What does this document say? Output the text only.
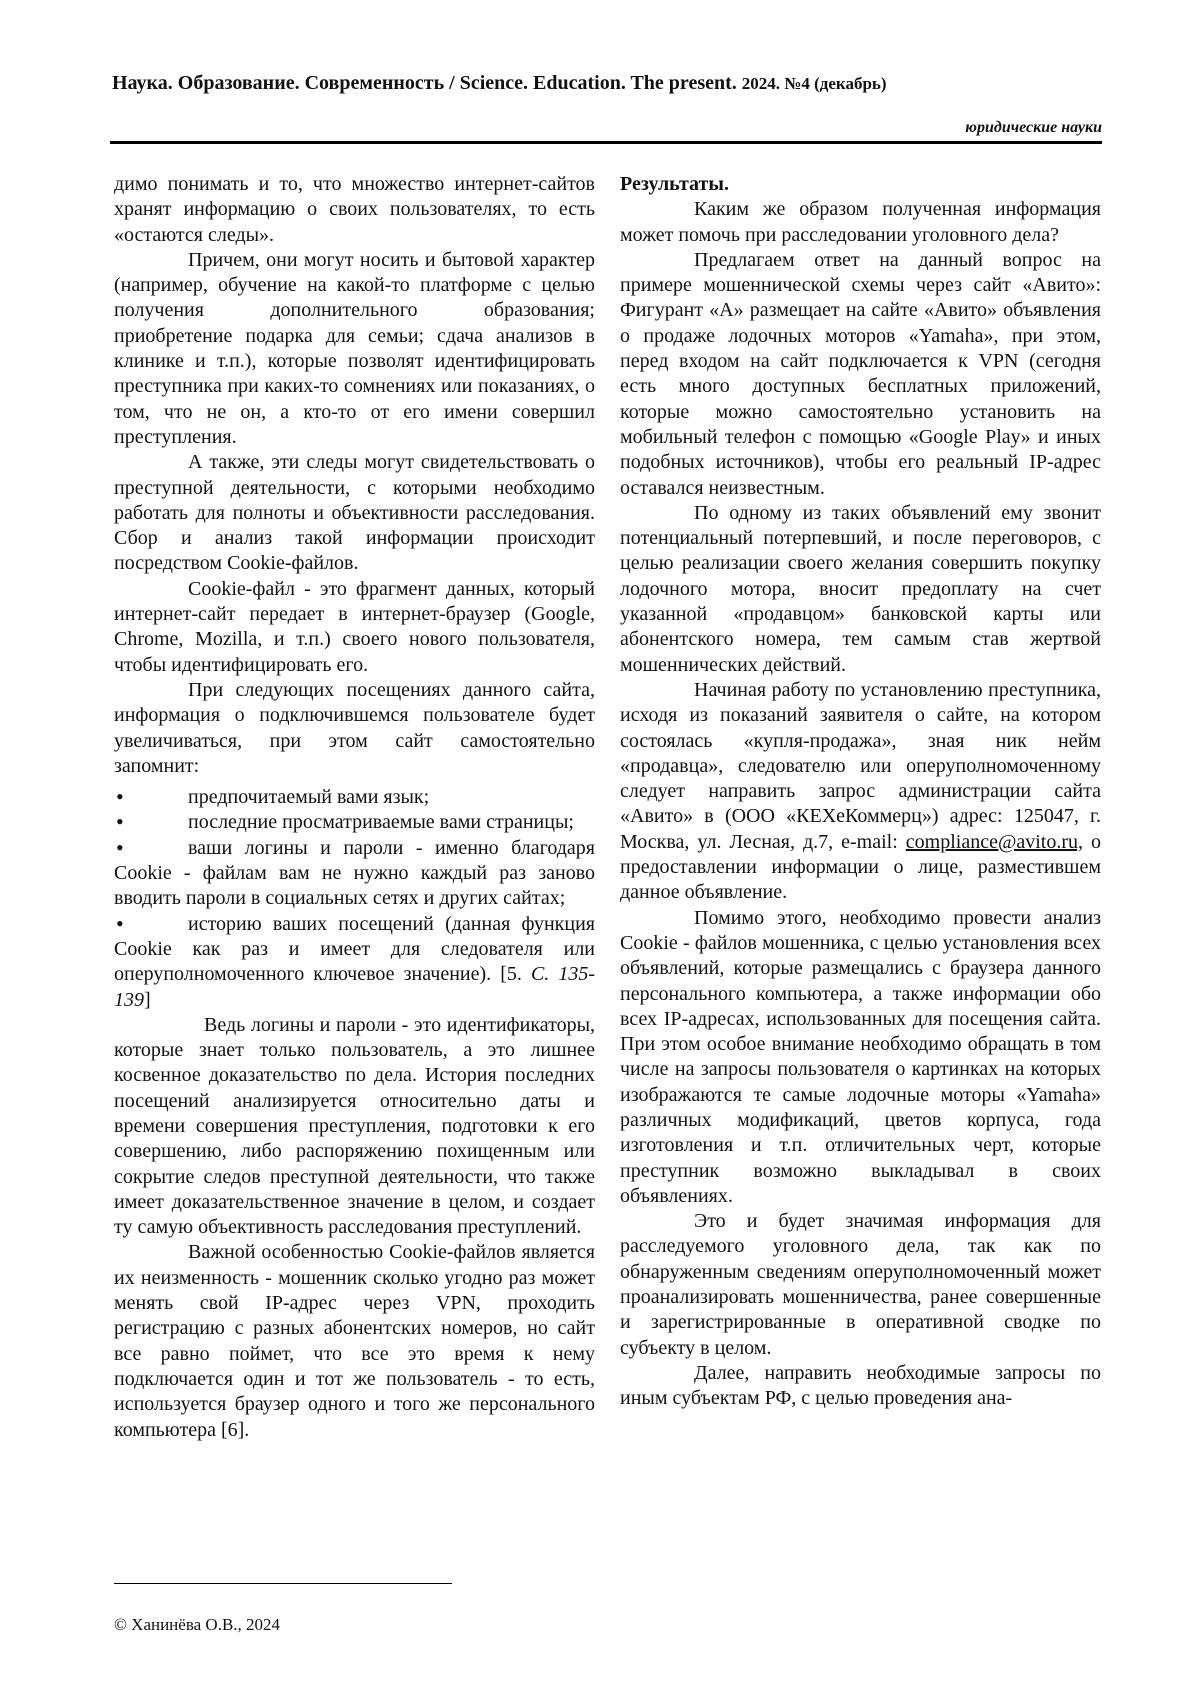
Наука. Образование. Современность / Science. Education. The present. 2024. №4 (декабрь)
юридические науки

димо понимать и то, что множество интернет-сайтов хранят информацию о своих пользователях, то есть «остаются следы».

Причем, они могут носить и бытовой характер (например, обучение на какой-то платформе с целью получения дополнительного образования; приобретение подарка для семьи; сдача анализов в клинике и т.п.), которые позволят идентифицировать преступника при каких-то сомнениях или показаниях, о том, что не он, а кто-то от его имени совершил преступления.

А также, эти следы могут свидетельствовать о преступной деятельности, с которыми необходимо работать для полноты и объективности расследования. Сбор и анализ такой информации происходит посредством Cookie-файлов.

Cookie-файл - это фрагмент данных, который интернет-сайт передает в интернет-браузер (Google, Chrome, Mozilla, и т.п.) своего нового пользователя, чтобы идентифицировать его.

При следующих посещениях данного сайта, информация о подключившемся пользователе будет увеличиваться, при этом сайт самостоятельно запомнит:

•	предпочитаемый вами язык;

•	последние просматриваемые вами страницы;

•	ваши логины и пароли - именно благодаря Cookie - файлам вам не нужно каждый раз заново вводить пароли в социальных сетях и других сайтах;

•	историю ваших посещений (данная функция Cookie как раз и имеет для следователя или оперуполномоченного ключевое значение). [5. С. 135-139]

Ведь логины и пароли - это идентификаторы, которые знает только пользователь, а это лишнее косвенное доказательство по дела. История последних посещений анализируется относительно даты и времени совершения преступления, подготовки к его совершению, либо распоряжению похищенным или сокрытие следов преступной деятельности, что также имеет доказательственное значение в целом, и создает ту самую объективность расследования преступлений.

Важной особенностью Cookie-файлов является их неизменность - мошенник сколько угодно раз может менять свой IP-адрес через VPN, проходить регистрацию с разных абонентских номеров, но сайт все равно поймет, что все это время к нему подключается один и тот же пользователь - то есть, используется браузер одного и того же персонального компьютера [6].

Результаты.

Каким же образом полученная информация может помочь при расследовании уголовного дела?

Предлагаем ответ на данный вопрос на примере мошеннической схемы через сайт «Авито»: Фигурант «А» размещает на сайте «Авито» объявления о продаже лодочных моторов «Yamaha», при этом, перед входом на сайт подключается к VPN (сегодня есть много доступных бесплатных приложений, которые можно самостоятельно установить на мобильный телефон с помощью «Google Play» и иных подобных источников), чтобы его реальный IP-адрес оставался неизвестным.

По одному из таких объявлений ему звонит потенциальный потерпевший, и после переговоров, с целью реализации своего желания совершить покупку лодочного мотора, вносит предоплату на счет указанной «продавцом» банковской карты или абонентского номера, тем самым став жертвой мошеннических действий.

Начиная работу по установлению преступника, исходя из показаний заявителя о сайте, на котором состоялась «купля-продажа», зная ник нейм «продавца», следователю или оперуполномоченному следует направить запрос администрации сайта «Авито» в (ООО «КЕХеКоммерц») адрес: 125047, г. Москва, ул. Лесная, д.7, e-mail: compliance@avito.ru, о предоставлении информации о лице, разместившем данное объявление.

Помимо этого, необходимо провести анализ Cookie - файлов мошенника, с целью установления всех объявлений, которые размещались с браузера данного персонального компьютера, а также информации обо всех IP-адресах, использованных для посещения сайта. При этом особое внимание необходимо обращать в том числе на запросы пользователя о картинках на которых изображаются те самые лодочные моторы «Yamaha» различных модификаций, цветов корпуса, года изготовления и т.п. отличительных черт, которые преступник возможно выкладывал в своих объявлениях.

Это и будет значимая информация для расследуемого уголовного дела, так как по обнаруженным сведениям оперуполномоченный может проанализировать мошенничества, ранее совершенные и зарегистрированные в оперативной сводке по субъекту в целом.

Далее, направить необходимые запросы по иным субъектам РФ, с целью проведения ана-

© Ханинёва О.В., 2024
